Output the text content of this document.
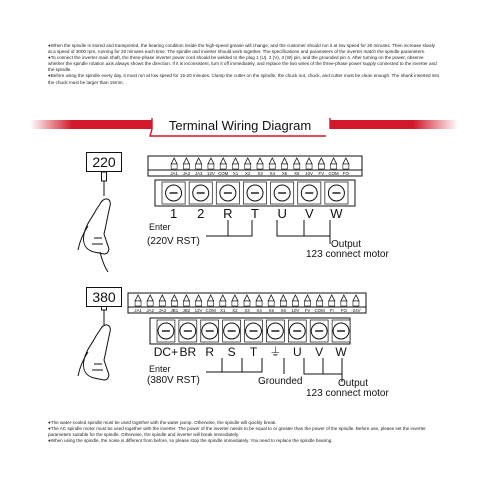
●When the spindle is stored and transported, the bearing condition inside the high-speed grease will change, and the customer should run it at low speed for 30 minutes. Then increase slowly at a speed of 3000 rpm, running for 20 minutes each time. The spindle and inverter should work together. The specifications and parameters of the inverter match the spindle parameters.

●To connect the inverter main shaft, the three-phase inverter power cord should be welded to the plug 1 (U), 2 (V), 3 (W) pin, and the grounded pin 4. After turning on the power, observe whether the spindle rotation axis always shows the direction. If it is inconsistent, turn it off immediately, and replace the two wires of the three-phase power supply connected to the inverter and the spindle.

●Before using the spindle every day, it must run at low speed for 15-20 minutes. Clamp the cutter on the spindle, the chuck nut, chuck, and cutter must be clean enough. The shank inserted into the chuck must be larger than 15mm.

JA1 JA2 JA3 12V COM X1 X2 X3 X4 X5 X6 10V FV COM FO
1 2 R T U V W
JA1 JA2 JA3 JB1 JB2 12V COM X1 X2 X3 X4 X5 X6 10V FV COM FI FO -24V
DC+ BR R S T ⏚ U V W
Terminal Wiring Diagram
220
Enter
(220V RST)	Output
123 connect motor
380
Enter
(380V RST)	Grounded	Output
123 connect motor

●The water-cooled spindle must be used together with the water pump. Otherwise, the spindle will quickly break.

●The AC spindle motor must be used together with the inverter. The power of the inverter needs to be equal to or greater than the power of the spindle. Before use, please set the inverter parameters suitable for the spindle. Otherwise, the spindle and inverter will break immediately.

●When using the spindle, the noise is different from before, so please stop the spindle immediately. You need to replace the spindle bearing.
